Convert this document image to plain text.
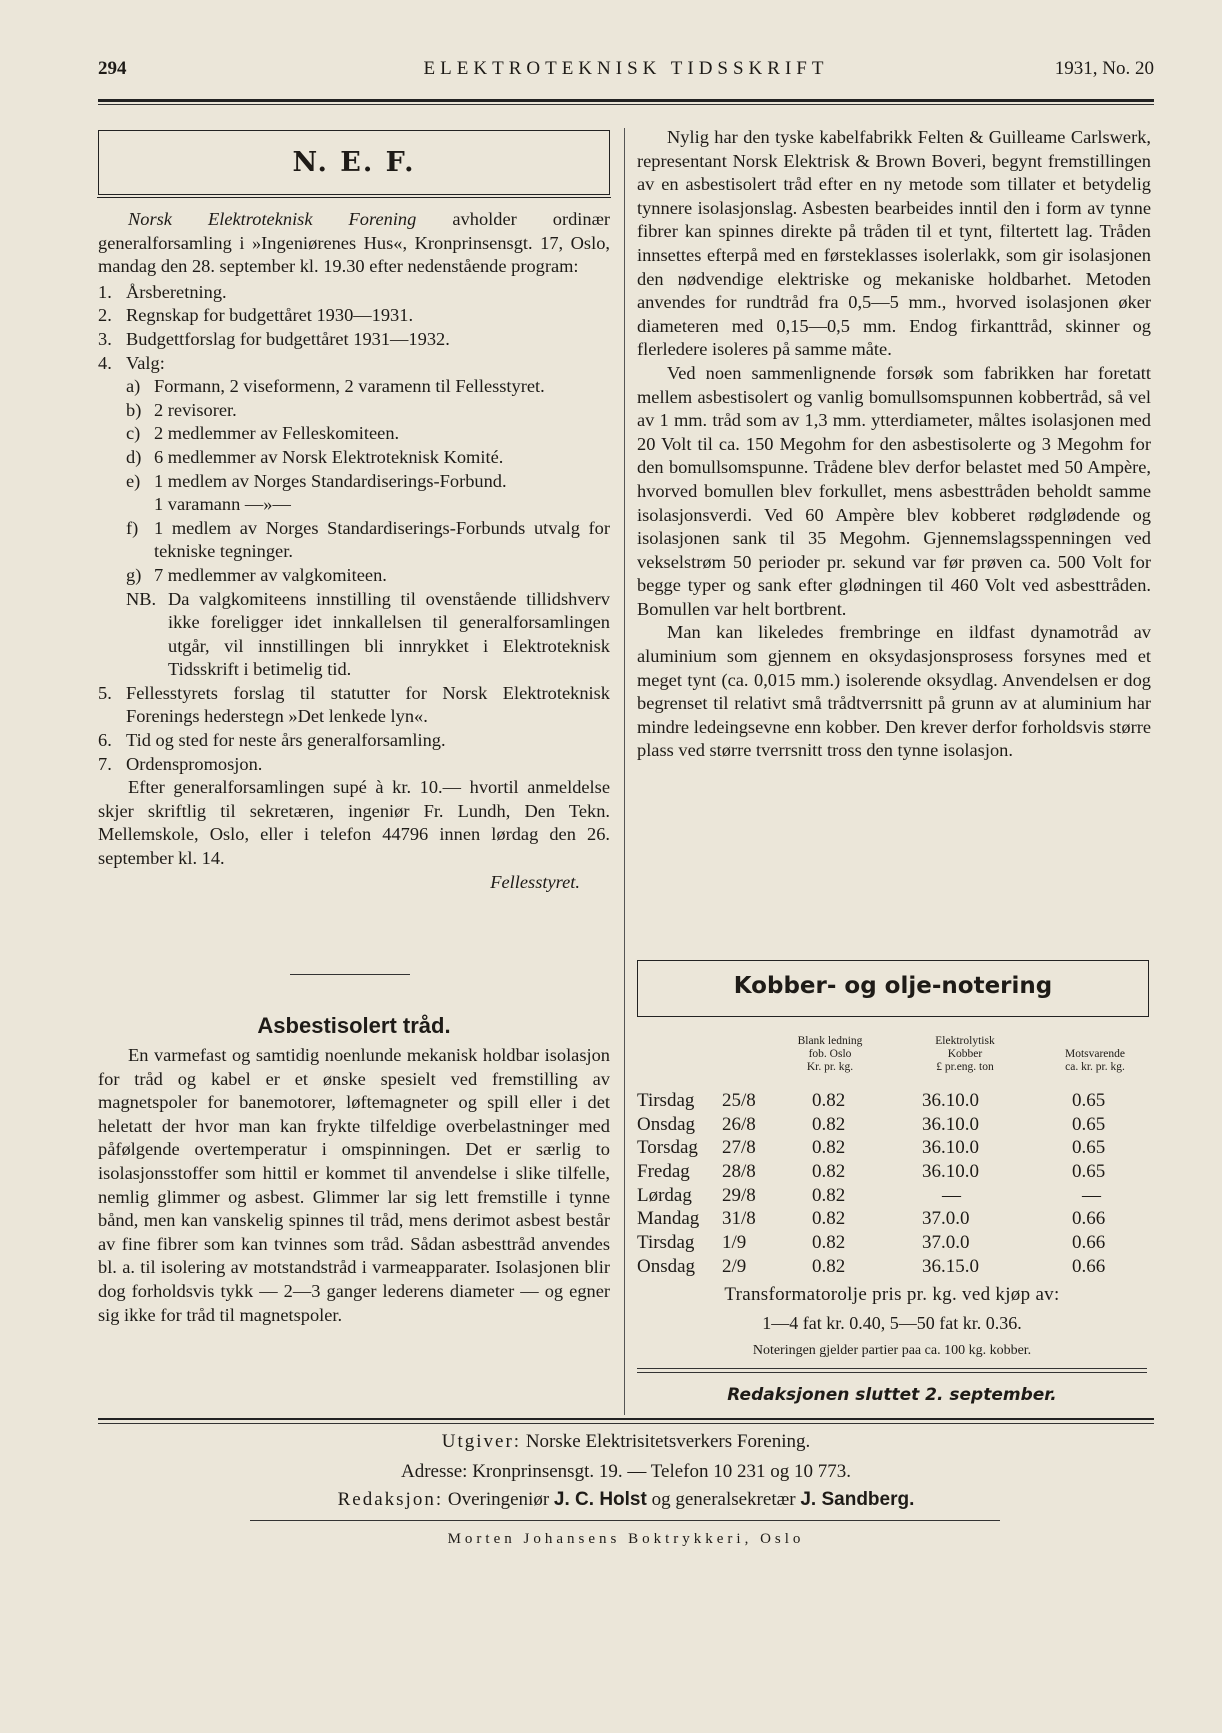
294	ELEKTROTEKNISK TIDSSKRIFT	1931, No. 20
N. E. F.

Norsk Elektroteknisk Forening avholder ordinær generalforsamling i »Ingeniørenes Hus«, Kronprinsensgt. 17, Oslo, mandag den 28. september kl. 19.30 efter nedenstående program:

1. Årsberetning.
2. Regnskap for budgettåret 1930—1931.
3. Budgettforslag for budgettåret 1931—1932.
4. Valg:
a) Formann, 2 viseformenn, 2 varamenn til Fellesstyret.
b) 2 revisorer.
c) 2 medlemmer av Felleskomiteen.
d) 6 medlemmer av Norsk Elektroteknisk Komité.
e) 1 medlem av Norges Standardiserings-Forbund.
1 varamann —»—
f) 1 medlem av Norges Standardiserings-Forbunds utvalg for tekniske tegninger.
g) 7 medlemmer av valgkomiteen.
NB. Da valgkomiteens innstilling til ovenstående tillidshverv ikke foreligger idet innkallelsen til generalforsamlingen utgår, vil innstillingen bli innrykket i Elektroteknisk Tidsskrift i betimelig tid.
5. Fellesstyrets forslag til statutter for Norsk Elektroteknisk Forenings hederstegn »Det lenkede lyn«.
6. Tid og sted for neste års generalforsamling.
7. Ordenspromosjon.

Efter generalforsamlingen supé à kr. 10.— hvortil anmeldelse skjer skriftlig til sekretæren, ingeniør Fr. Lundh, Den Tekn. Mellemskole, Oslo, eller i telefon 44796 innen lørdag den 26. september kl. 14.

Fellesstyret.

Asbestisolert tråd.

En varmefast og samtidig noenlunde mekanisk holdbar isolasjon for tråd og kabel er et ønske spesielt ved fremstilling av magnetspoler for banemotorer, løftemagneter og spill eller i det heletatt der hvor man kan frykte tilfeldige overbelastninger med påfølgende overtemperatur i omspinningen. Det er særlig to isolasjonsstoffer som hittil er kommet til anvendelse i slike tilfelle, nemlig glimmer og asbest. Glimmer lar sig lett fremstille i tynne bånd, men kan vanskelig spinnes til tråd, mens derimot asbest består av fine fibrer som kan tvinnes som tråd. Sådan asbesttråd anvendes bl. a. til isolering av motstandstråd i varmeapparater. Isolasjonen blir dog forholdsvis tykk — 2—3 ganger lederens diameter — og egner sig ikke for tråd til magnetspoler.

Nylig har den tyske kabelfabrikk Felten & Guilleame Carlswerk, representant Norsk Elektrisk & Brown Boveri, begynt fremstillingen av en asbestisolert tråd efter en ny metode som tillater et betydelig tynnere isolasjonslag. Asbesten bearbeides inntil den i form av tynne fibrer kan spinnes direkte på tråden til et tynt, filtertett lag. Tråden innsettes efterpå med en førsteklasses isolerlakk, som gir isolasjonen den nødvendige elektriske og mekaniske holdbarhet. Metoden anvendes for rundtråd fra 0,5—5 mm., hvorved isolasjonen øker diameteren med 0,15—0,5 mm. Endog firkanttråd, skinner og flerledere isoleres på samme måte.

Ved noen sammenlignende forsøk som fabrikken har foretatt mellem asbestisolert og vanlig bomullsomspunnen kobbertråd, så vel av 1 mm. tråd som av 1,3 mm. ytterdiameter, måltes isolasjonen med 20 Volt til ca. 150 Megohm for den asbestisolerte og 3 Megohm for den bomullsomspunne. Trådene blev derfor belastet med 50 Ampère, hvorved bomullen blev forkullet, mens asbesttråden beholdt samme isolasjonsverdi. Ved 60 Ampère blev kobberet rødglødende og isolasjonen sank til 35 Megohm. Gjennemslagsspenningen ved vekselstrøm 50 perioder pr. sekund var før prøven ca. 500 Volt for begge typer og sank efter glødningen til 460 Volt ved asbesttråden. Bomullen var helt bortbrent.

Man kan likeledes frembringe en ildfast dynamotråd av aluminium som gjennem en oksydasjonsprosess forsynes med et meget tynt (ca. 0,015 mm.) isolerende oksydlag. Anvendelsen er dog begrenset til relativt små trådtverrsnitt på grunn av at aluminium har mindre ledeingsevne enn kobber. Den krever derfor forholdsvis større plass ved større tverrsnitt tross den tynne isolasjon.

Kobber- og olje-notering
Blank ledning
fob. Oslo
Kr. pr. kg.
Elektrolytisk
Kobber
£ pr.eng. ton
Motsvarende
ca. kr. pr. kg.
Tirsdag 25/8	0.82	36.10.0	0.65
Onsdag 26/8	0.82	36.10.0	0.65
Torsdag 27/8	0.82	36.10.0	0.65
Fredag 28/8	0.82	36.10.0	0.65
Lørdag 29/8	0.82	—	—
Mandag 31/8	0.82	37.0.0	0.66
Tirsdag 1/9	0.82	37.0.0	0.66
Onsdag 2/9	0.82	36.15.0	0.66
Transformatorolje pris pr. kg. ved kjøp av:
1—4 fat kr. 0.40, 5—50 fat kr. 0.36.
Noteringen gjelder partier paa ca. 100 kg. kobber.
Redaksjonen sluttet 2. september.
Utgiver: Norske Elektrisitetsverkers Forening.
Adresse: Kronprinsensgt. 19. — Telefon 10 231 og 10 773.
Redaksjon: Overingeniør J. C. Holst og generalsekretær J. Sandberg.
Morten Johansens Boktrykkeri, Oslo
